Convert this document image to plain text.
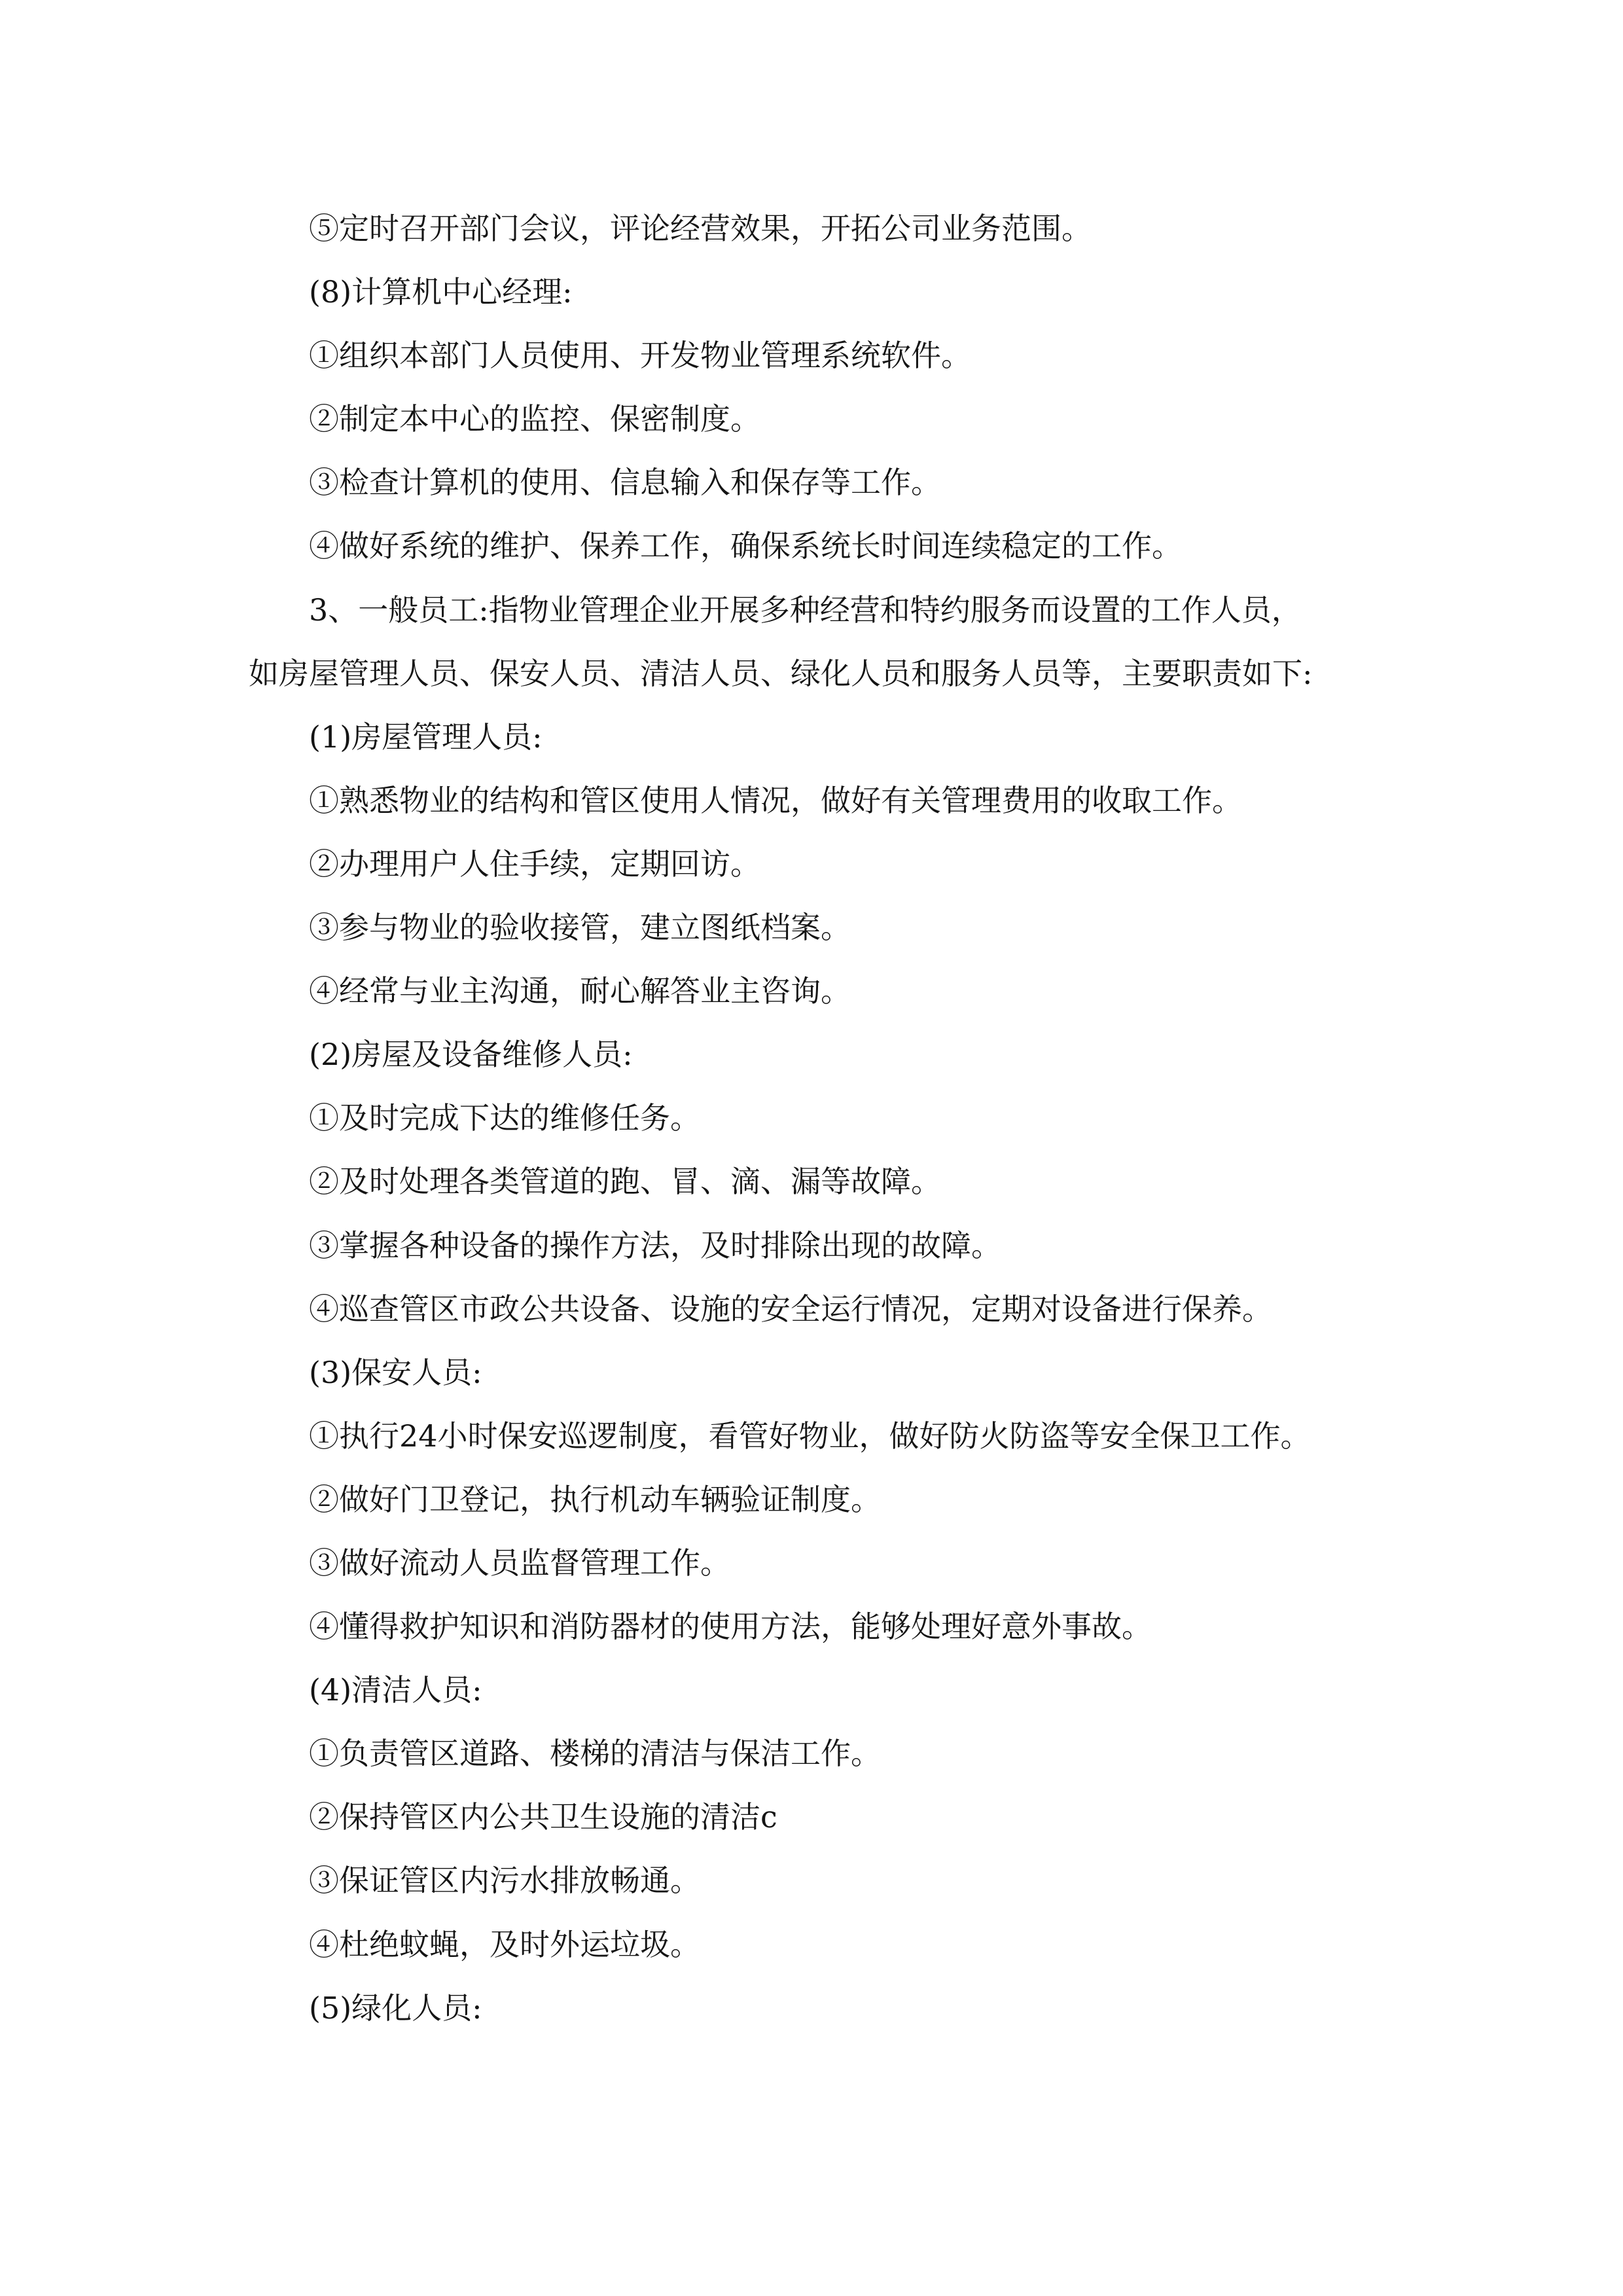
⑤定时召开部门会议，评论经营效果，开拓公司业务范围。
(8)计算机中心经理:
①组织本部门人员使用、开发物业管理系统软件。
②制定本中心的监控、保密制度。
③检查计算机的使用、信息输入和保存等工作。
④做好系统的维护、保养工作，确保系统长时间连续稳定的工作。
3、一般员工:指物业管理企业开展多种经营和特约服务而设置的工作人员，
如房屋管理人员、保安人员、清洁人员、绿化人员和服务人员等，主要职责如下:
(1)房屋管理人员:
①熟悉物业的结构和管区使用人情况，做好有关管理费用的收取工作。
②办理用户人住手续，定期回访。
③参与物业的验收接管，建立图纸档案。
④经常与业主沟通，耐心解答业主咨询。
(2)房屋及设备维修人员:
①及时完成下达的维修任务。
②及时处理各类管道的跑、冒、滴、漏等故障。
③掌握各种设备的操作方法，及时排除出现的故障。
④巡查管区市政公共设备、设施的安全运行情况，定期对设备进行保养。
(3)保安人员:
①执行24小时保安巡逻制度，看管好物业，做好防火防盗等安全保卫工作。
②做好门卫登记，执行机动车辆验证制度。
③做好流动人员监督管理工作。
④懂得救护知识和消防器材的使用方法，能够处理好意外事故。
(4)清洁人员:
①负责管区道路、楼梯的清洁与保洁工作。
②保持管区内公共卫生设施的清洁c
③保证管区内污水排放畅通。
④杜绝蚊蝇，及时外运垃圾。
(5)绿化人员:
